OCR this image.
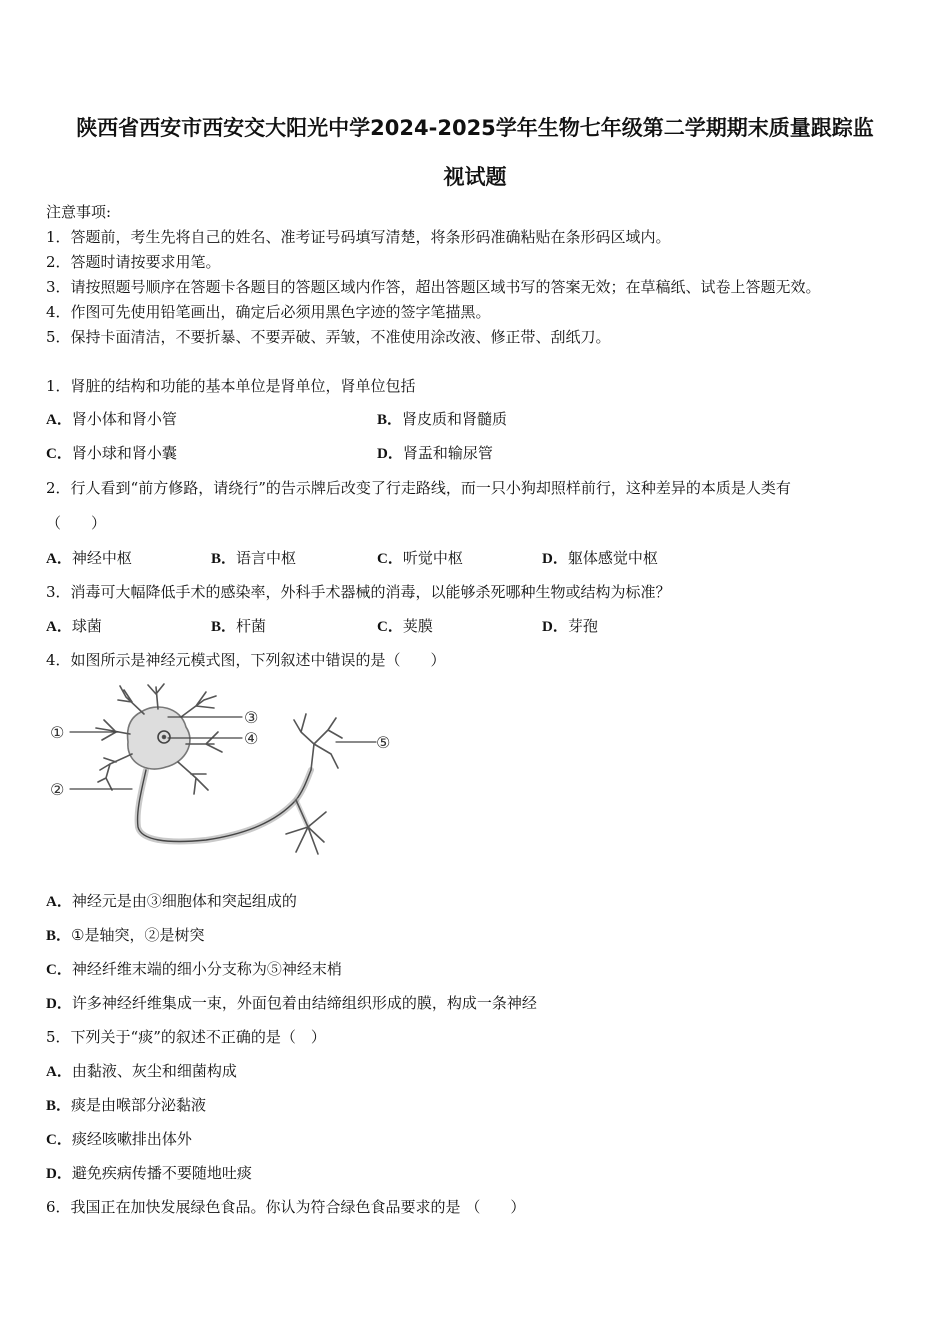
陕西省西安市西安交大阳光中学2024-2025学年生物七年级第二学期期末质量跟踪监
视试题
注意事项:
1．答题前，考生先将自己的姓名、准考证号码填写清楚，将条形码准确粘贴在条形码区域内。
2．答题时请按要求用笔。
3．请按照题号顺序在答题卡各题目的答题区域内作答，超出答题区域书写的答案无效；在草稿纸、试卷上答题无效。
4．作图可先使用铅笔画出，确定后必须用黑色字迹的签字笔描黑。
5．保持卡面清洁，不要折暴、不要弄破、弄皱，不准使用涂改液、修正带、刮纸刀。
1．肾脏的结构和功能的基本单位是肾单位，肾单位包括
A．肾小体和肾小管	B．肾皮质和肾髓质
C．肾小球和肾小囊	D．肾盂和输尿管
2．行人看到“前方修路，请绕行”的告示牌后改变了行走路线，而一只小狗却照样前行，这种差异的本质是人类有
（　　）
A．神经中枢	B．语言中枢	C．听觉中枢	D．躯体感觉中枢
3．消毒可大幅降低手术的感染率，外科手术器械的消毒，以能够杀死哪种生物或结构为标准？
A．球菌	B．杆菌	C．荚膜	D．芽孢
4．如图所示是神经元模式图，下列叙述中错误的是（　　）
①
②
③
④	⑤
A．神经元是由③细胞体和突起组成的
B．①是轴突，②是树突
C．神经纤维末端的细小分支称为⑤神经末梢
D．许多神经纤维集成一束，外面包着由结缔组织形成的膜，构成一条神经
5．下列关于“痰”的叙述不正确的是（　）
A．由黏液、灰尘和细菌构成
B．痰是由喉部分泌黏液
C．痰经咳嗽排出体外
D．避免疾病传播不要随地吐痰
6．我国正在加快发展绿色食品。你认为符合绿色食品要求的是 （　　）
